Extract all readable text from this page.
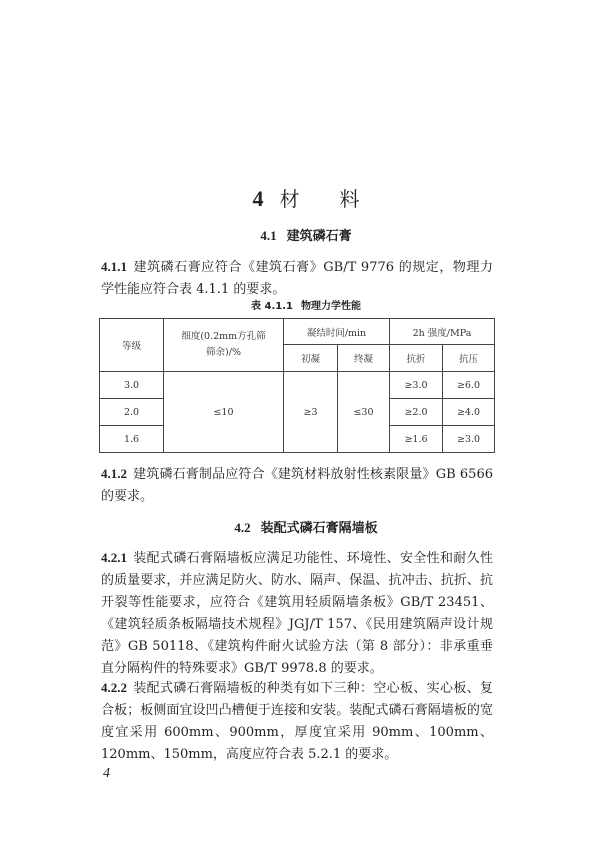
4 材 料
4.1 建筑磷石膏
4.1.1 建筑磷石膏应符合《建筑石膏》GB/T 9776 的规定，物理力学性能应符合表 4.1.1 的要求。
表 4.1.1 物理力学性能
等级	细度(0.2mm方孔筛筛余)/%	凝结时间/min		2h 强度/MPa	
		初凝	终凝	抗折	抗压
3.0	≤10	≥3	≤30	≥3.0	≥6.0
2.0				≥2.0	≥4.0
1.6				≥1.6	≥3.0
4.1.2 建筑磷石膏制品应符合《建筑材料放射性核素限量》GB 6566 的要求。
4.2 装配式磷石膏隔墙板
4.2.1 装配式磷石膏隔墙板应满足功能性、环境性、安全性和耐久性的质量要求，并应满足防火、防水、隔声、保温、抗冲击、抗折、抗开裂等性能要求，应符合《建筑用轻质隔墙条板》GB/T 23451、《建筑轻质条板隔墙技术规程》JGJ/T 157、《民用建筑隔声设计规范》GB 50118、《建筑构件耐火试验方法（第 8 部分）：非承重垂直分隔构件的特殊要求》GB/T 9978.8 的要求。
4.2.2 装配式磷石膏隔墙板的种类有如下三种：空心板、实心板、复合板；板侧面宜设凹凸槽便于连接和安装。装配式磷石膏隔墙板的宽度宜采用 600mm、900mm，厚度宜采用 90mm、100mm、120mm、150mm，高度应符合表 5.2.1 的要求。
4
